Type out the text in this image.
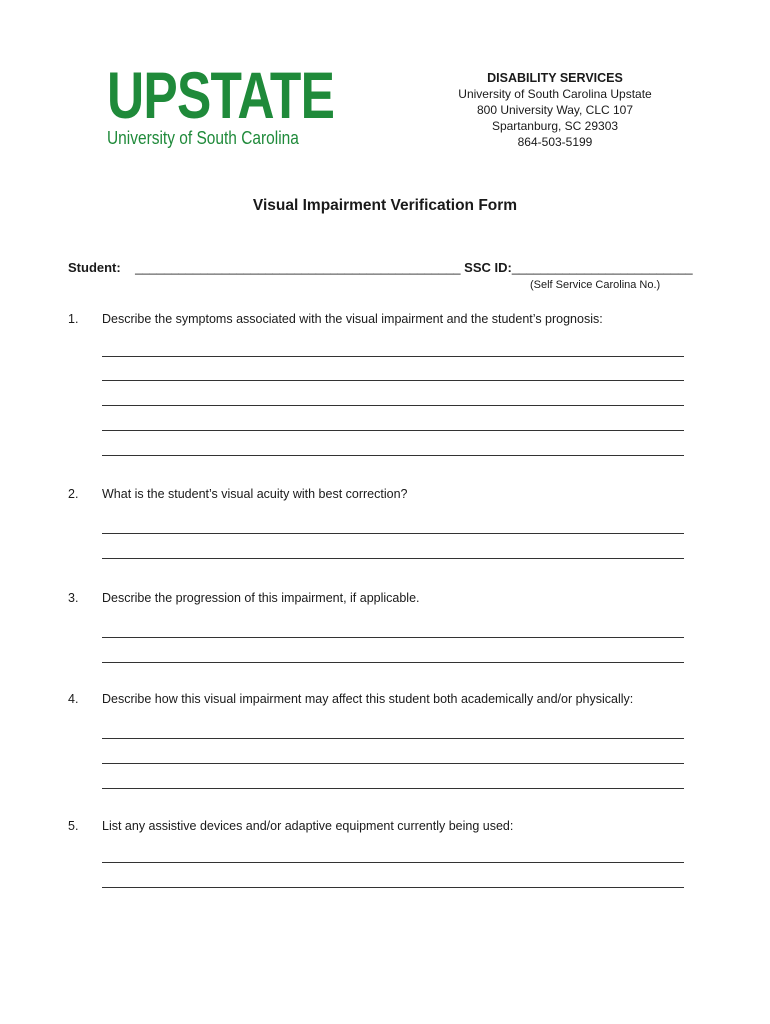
UPSTATE
University of South Carolina
DISABILITY SERVICES
University of South Carolina Upstate
800 University Way, CLC 107
Spartanburg, SC 29303
864-503-5199
Visual Impairment Verification Form
Student:    _____________________________________________ SSC ID:_________________________
(Self Service Carolina No.)
1. Describe the symptoms associated with the visual impairment and the student’s prognosis:
2. What is the student’s visual acuity with best correction?
3. Describe the progression of this impairment, if applicable.
4. Describe how this visual impairment may affect this student both academically and/or physically:
5. List any assistive devices and/or adaptive equipment currently being used:
